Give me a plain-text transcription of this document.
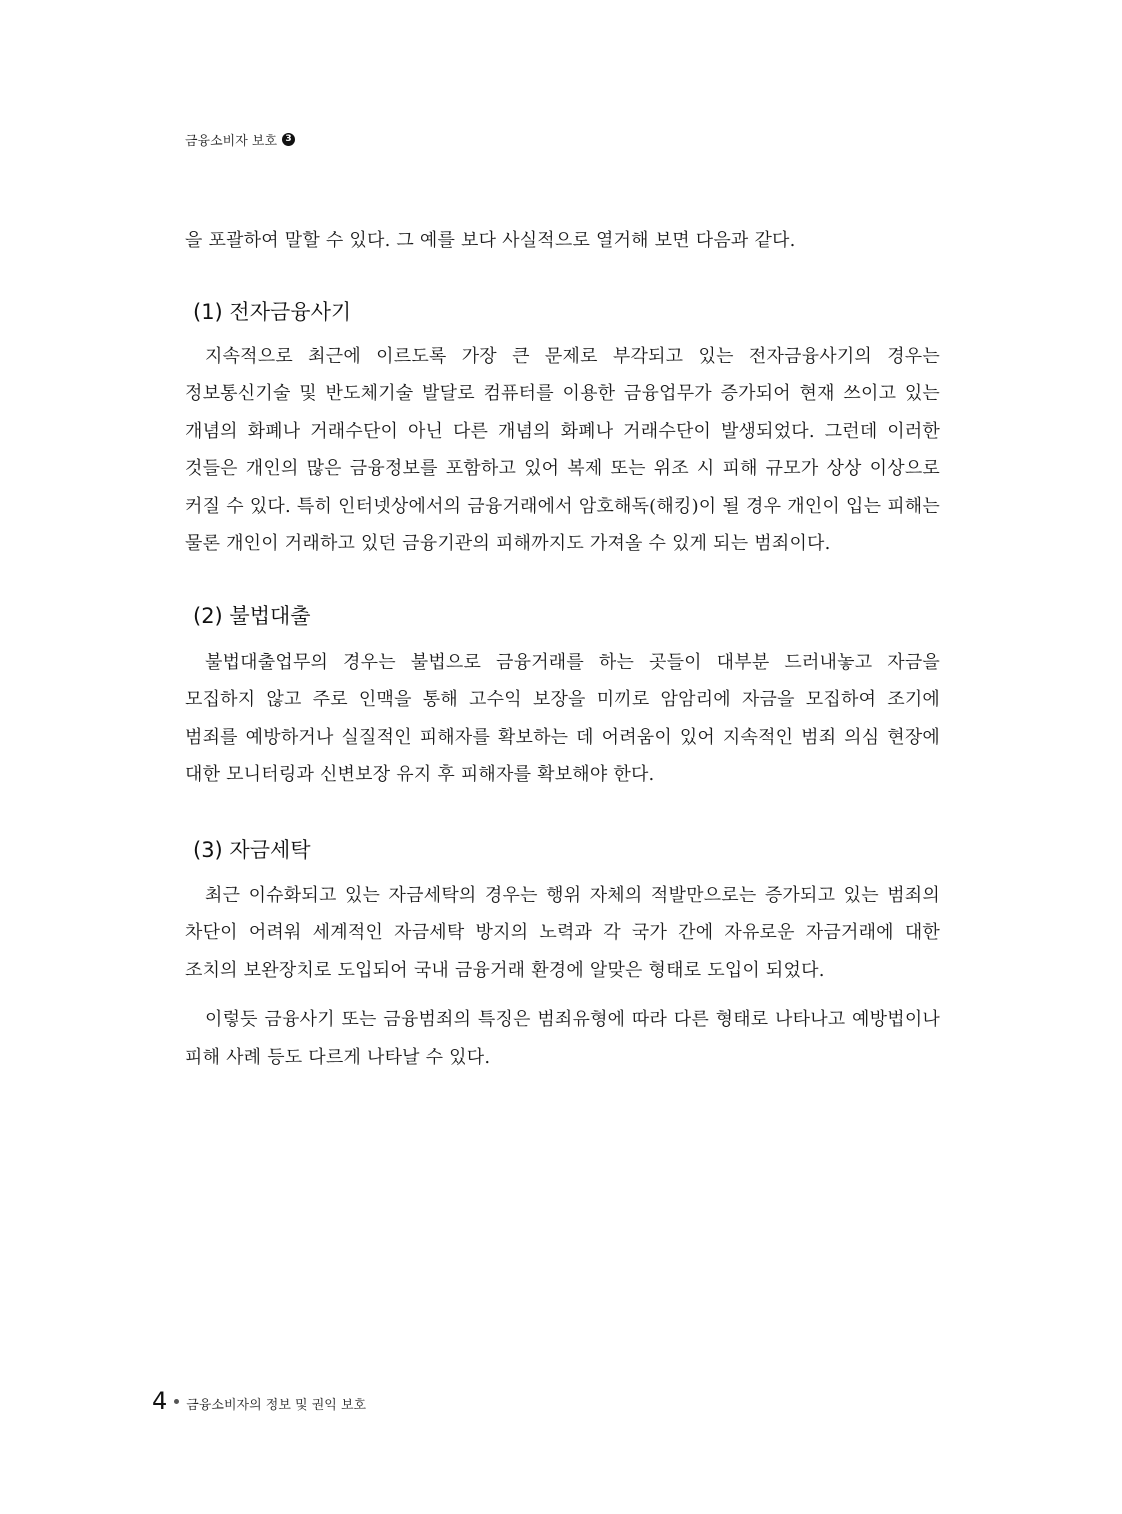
금융소비자 보호 3

을 포괄하여 말할 수 있다. 그 예를 보다 사실적으로 열거해 보면 다음과 같다.

(1) 전자금융사기

지속적으로 최근에 이르도록 가장 큰 문제로 부각되고 있는 전자금융사기의 경우는 정보통신기술 및 반도체기술 발달로 컴퓨터를 이용한 금융업무가 증가되어 현재 쓰이고 있는 개념의 화폐나 거래수단이 아닌 다른 개념의 화폐나 거래수단이 발생되었다. 그런데 이러한 것들은 개인의 많은 금융정보를 포함하고 있어 복제 또는 위조 시 피해 규모가 상상 이상으로 커질 수 있다. 특히 인터넷상에서의 금융거래에서 암호해독(해킹)이 될 경우 개인이 입는 피해는 물론 개인이 거래하고 있던 금융기관의 피해까지도 가져올 수 있게 되는 범죄이다.

(2) 불법대출

불법대출업무의 경우는 불법으로 금융거래를 하는 곳들이 대부분 드러내놓고 자금을 모집하지 않고 주로 인맥을 통해 고수익 보장을 미끼로 암암리에 자금을 모집하여 조기에 범죄를 예방하거나 실질적인 피해자를 확보하는 데 어려움이 있어 지속적인 범죄 의심 현장에 대한 모니터링과 신변보장 유지 후 피해자를 확보해야 한다.

(3) 자금세탁

최근 이슈화되고 있는 자금세탁의 경우는 행위 자체의 적발만으로는 증가되고 있는 범죄의 차단이 어려워 세계적인 자금세탁 방지의 노력과 각 국가 간에 자유로운 자금거래에 대한 조치의 보완장치로 도입되어 국내 금융거래 환경에 알맞은 형태로 도입이 되었다.

이렇듯 금융사기 또는 금융범죄의 특징은 범죄유형에 따라 다른 형태로 나타나고 예방법이나 피해 사례 등도 다르게 나타날 수 있다.

4 금융소비자의 정보 및 권익 보호
